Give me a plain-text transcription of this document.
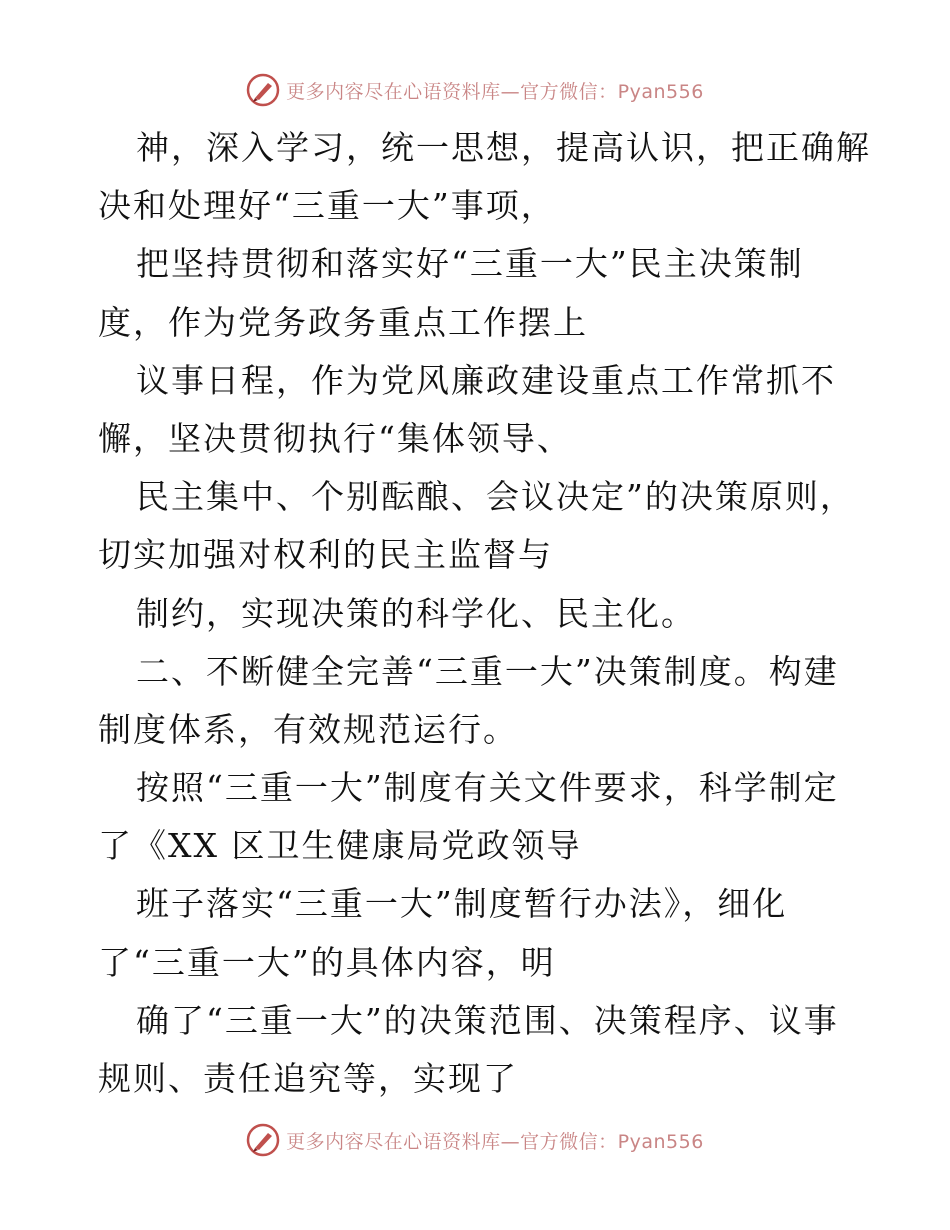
更多内容尽在心语资料库—官方微信：Pyan556
神，深入学习，统一思想，提高认识，把正确解
决和处理好“三重一大”事项，
把坚持贯彻和落实好“三重一大”民主决策制
度，作为党务政务重点工作摆上
议事日程，作为党风廉政建设重点工作常抓不
懈，坚决贯彻执行“集体领导、
民主集中、个别酝酿、会议决定”的决策原则，
切实加强对权利的民主监督与
制约，实现决策的科学化、民主化。
二、不断健全完善“三重一大”决策制度。构建
制度体系，有效规范运行。
按照“三重一大”制度有关文件要求，科学制定
了《XX 区卫生健康局党政领导
班子落实“三重一大”制度暂行办法》，细化
了“三重一大”的具体内容，明
确了“三重一大”的决策范围、决策程序、议事
规则、责任追究等，实现了
更多内容尽在心语资料库—官方微信：Pyan556
